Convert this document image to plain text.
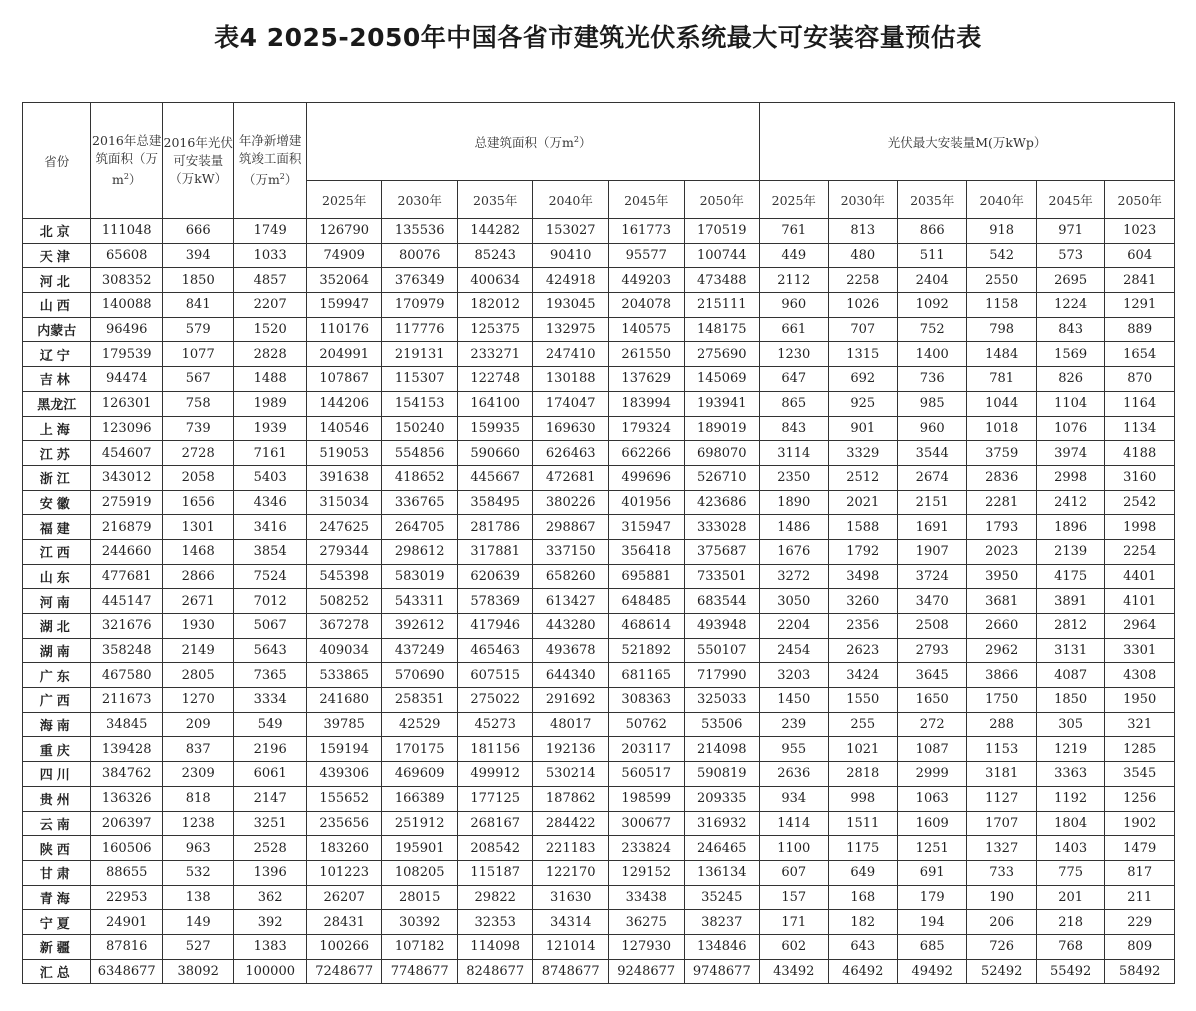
表4 2025-2050年中国各省市建筑光伏系统最大可安装容量预估表
省份	2016年总建筑面积（万$m^2$）	2016年光伏可安装量（万kW）	年净新增建筑竣工面积（万$m^2$）	总建筑面积（万$m^2$）						光伏最大安装量M(万kWp）					
				2025年	2030年	2035年	2040年	2045年	2050年	2025年	2030年	2035年	2040年	2045年	2050年
北京	111048	666	1749	126790	135536	144282	153027	161773	170519	761	813	866	918	971	1023
天津	65608	394	1033	74909	80076	85243	90410	95577	100744	449	480	511	542	573	604
河北	308352	1850	4857	352064	376349	400634	424918	449203	473488	2112	2258	2404	2550	2695	2841
山西	140088	841	2207	159947	170979	182012	193045	204078	215111	960	1026	1092	1158	1224	1291
内蒙古	96496	579	1520	110176	117776	125375	132975	140575	148175	661	707	752	798	843	889
辽宁	179539	1077	2828	204991	219131	233271	247410	261550	275690	1230	1315	1400	1484	1569	1654
吉林	94474	567	1488	107867	115307	122748	130188	137629	145069	647	692	736	781	826	870
黑龙江	126301	758	1989	144206	154153	164100	174047	183994	193941	865	925	985	1044	1104	1164
上海	123096	739	1939	140546	150240	159935	169630	179324	189019	843	901	960	1018	1076	1134
江苏	454607	2728	7161	519053	554856	590660	626463	662266	698070	3114	3329	3544	3759	3974	4188
浙江	343012	2058	5403	391638	418652	445667	472681	499696	526710	2350	2512	2674	2836	2998	3160
安徽	275919	1656	4346	315034	336765	358495	380226	401956	423686	1890	2021	2151	2281	2412	2542
福建	216879	1301	3416	247625	264705	281786	298867	315947	333028	1486	1588	1691	1793	1896	1998
江西	244660	1468	3854	279344	298612	317881	337150	356418	375687	1676	1792	1907	2023	2139	2254
山东	477681	2866	7524	545398	583019	620639	658260	695881	733501	3272	3498	3724	3950	4175	4401
河南	445147	2671	7012	508252	543311	578369	613427	648485	683544	3050	3260	3470	3681	3891	4101
湖北	321676	1930	5067	367278	392612	417946	443280	468614	493948	2204	2356	2508	2660	2812	2964
湖南	358248	2149	5643	409034	437249	465463	493678	521892	550107	2454	2623	2793	2962	3131	3301
广东	467580	2805	7365	533865	570690	607515	644340	681165	717990	3203	3424	3645	3866	4087	4308
广西	211673	1270	3334	241680	258351	275022	291692	308363	325033	1450	1550	1650	1750	1850	1950
海南	34845	209	549	39785	42529	45273	48017	50762	53506	239	255	272	288	305	321
重庆	139428	837	2196	159194	170175	181156	192136	203117	214098	955	1021	1087	1153	1219	1285
四川	384762	2309	6061	439306	469609	499912	530214	560517	590819	2636	2818	2999	3181	3363	3545
贵州	136326	818	2147	155652	166389	177125	187862	198599	209335	934	998	1063	1127	1192	1256
云南	206397	1238	3251	235656	251912	268167	284422	300677	316932	1414	1511	1609	1707	1804	1902
陕西	160506	963	2528	183260	195901	208542	221183	233824	246465	1100	1175	1251	1327	1403	1479
甘肃	88655	532	1396	101223	108205	115187	122170	129152	136134	607	649	691	733	775	817
青海	22953	138	362	26207	28015	29822	31630	33438	35245	157	168	179	190	201	211
宁夏	24901	149	392	28431	30392	32353	34314	36275	38237	171	182	194	206	218	229
新疆	87816	527	1383	100266	107182	114098	121014	127930	134846	602	643	685	726	768	809
汇总	6348677	38092	100000	7248677	7748677	8248677	8748677	9248677	9748677	43492	46492	49492	52492	55492	58492
